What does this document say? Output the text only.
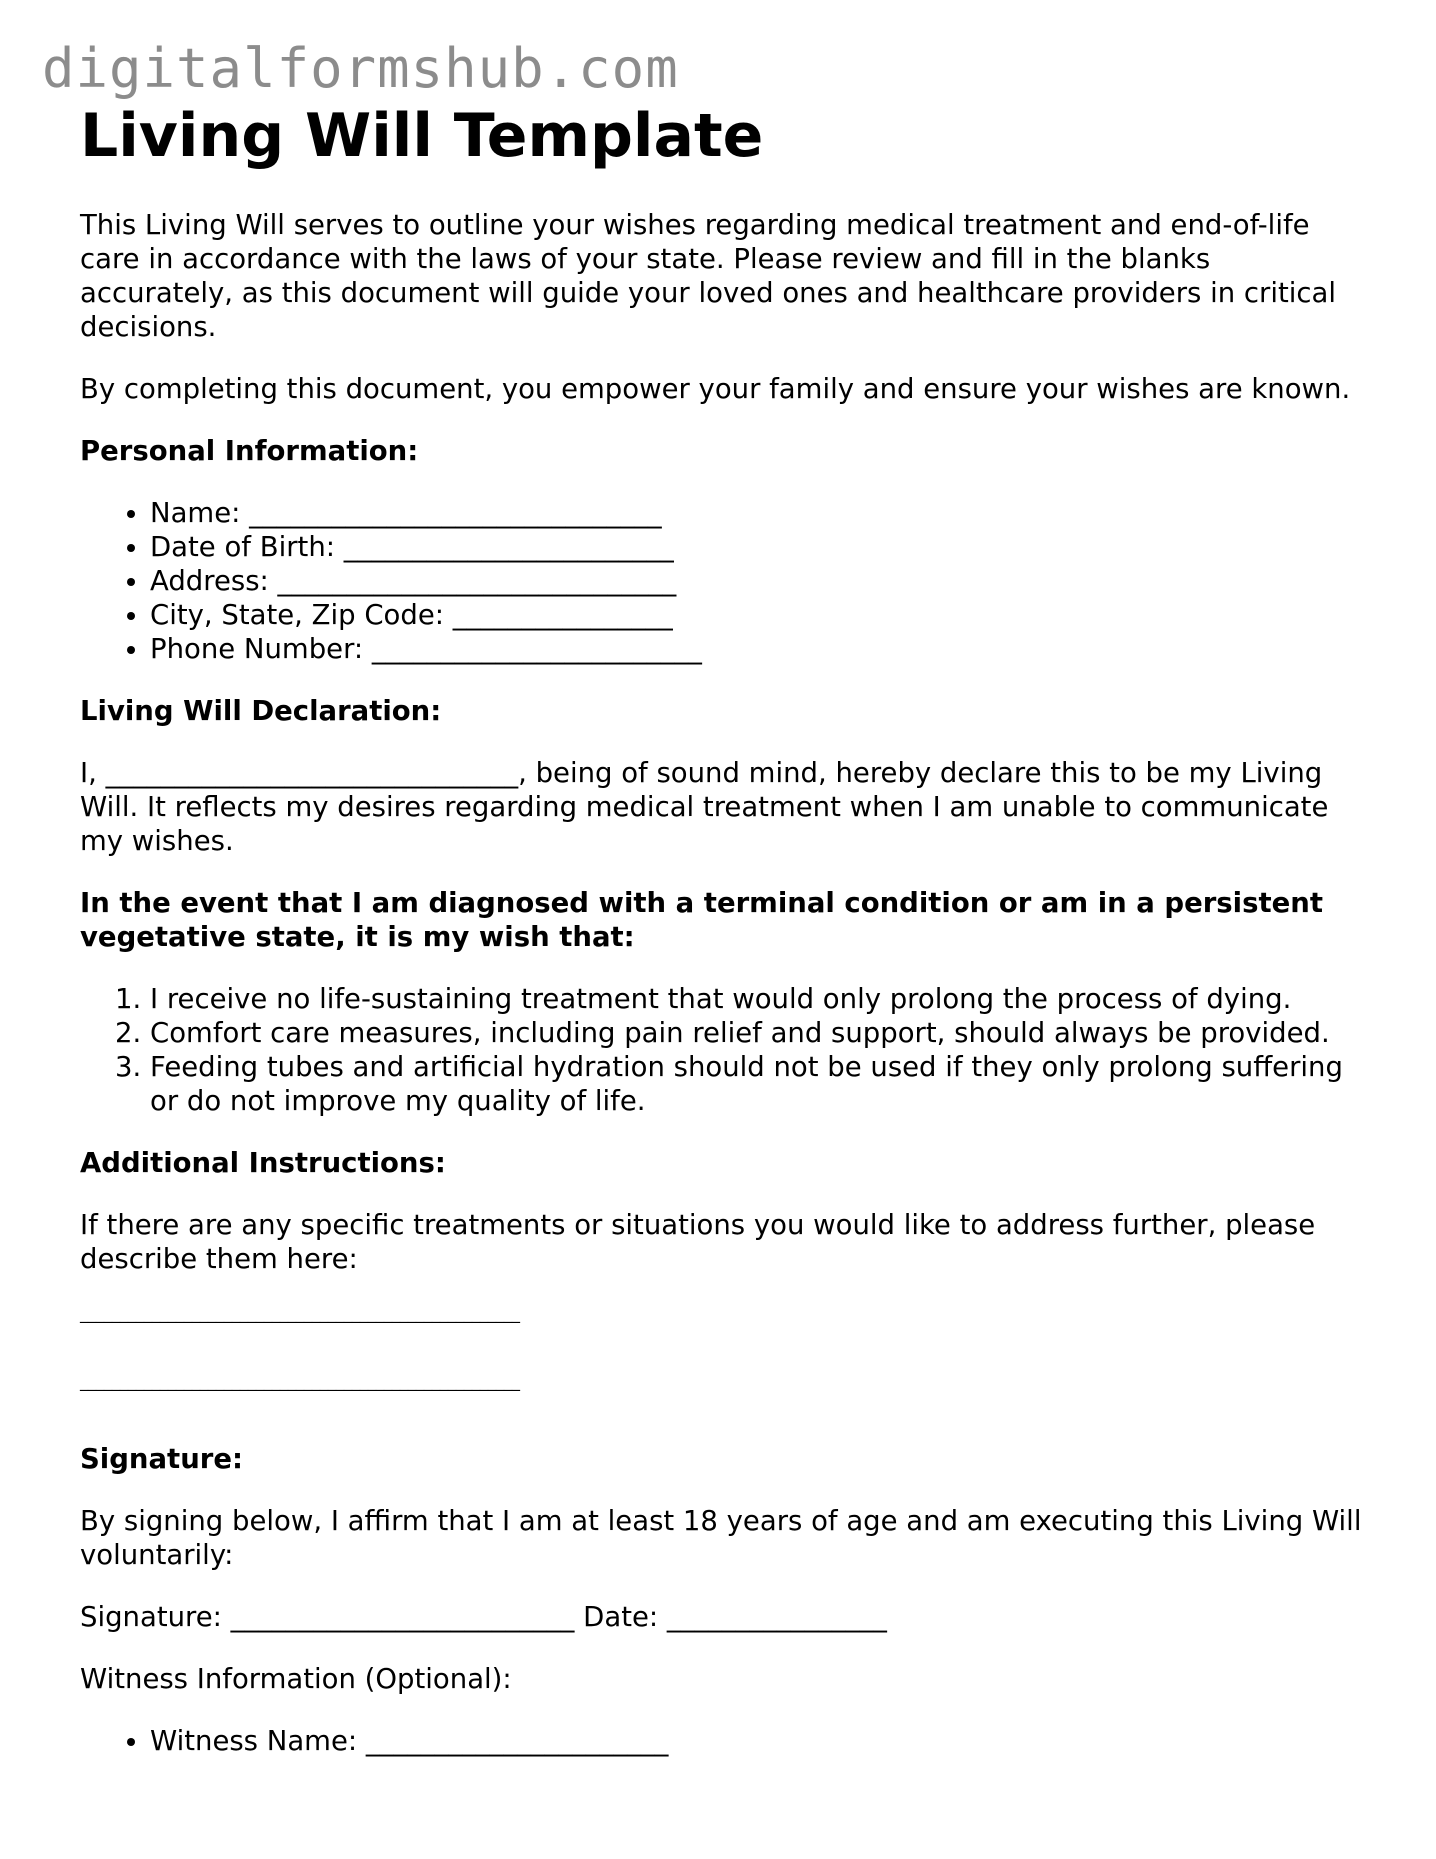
digitalformshub.com
Living Will Template

This Living Will serves to outline your wishes regarding medical treatment and end-of-life care in accordance with the laws of your state. Please review and fill in the blanks accurately, as this document will guide your loved ones and healthcare providers in critical decisions.

By completing this document, you empower your family and ensure your wishes are known.

Personal Information:

• Name: ______________________________
• Date of Birth: ________________________
• Address: _____________________________
• City, State, Zip Code: ________________
• Phone Number: ________________________

Living Will Declaration:

I, ______________________________, being of sound mind, hereby declare this to be my Living Will. It reflects my desires regarding medical treatment when I am unable to communicate my wishes.

In the event that I am diagnosed with a terminal condition or am in a persistent vegetative state, it is my wish that:

1. I receive no life-sustaining treatment that would only prolong the process of dying.
2. Comfort care measures, including pain relief and support, should always be provided.
3. Feeding tubes and artificial hydration should not be used if they only prolong suffering or do not improve my quality of life.

Additional Instructions:

If there are any specific treatments or situations you would like to address further, please describe them here:

_______________________________________________________
_______________________________________________________

Signature:

By signing below, I affirm that I am at least 18 years of age and am executing this Living Will voluntarily:

Signature: _________________________ Date: ________________

Witness Information (Optional):

• Witness Name: ______________________
